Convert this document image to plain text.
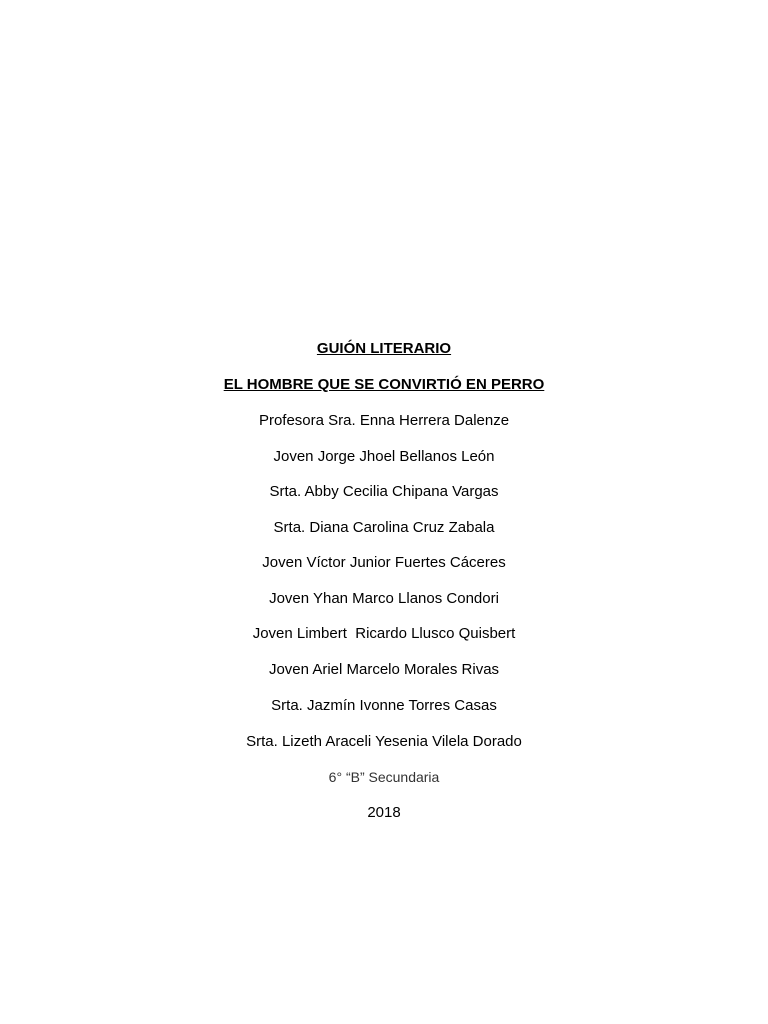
GUIÓN LITERARIO
EL HOMBRE QUE SE CONVIRTIÓ EN PERRO
Profesora Sra. Enna Herrera Dalenze
Joven Jorge Jhoel Bellanos León
Srta. Abby Cecilia Chipana Vargas
Srta. Diana Carolina Cruz Zabala
Joven Víctor Junior Fuertes Cáceres
Joven Yhan Marco Llanos Condori
Joven Limbert  Ricardo Llusco Quisbert
Joven Ariel Marcelo Morales Rivas
Srta. Jazmín Ivonne Torres Casas
Srta. Lizeth Araceli Yesenia Vilela Dorado
6° “B” Secundaria
2018
